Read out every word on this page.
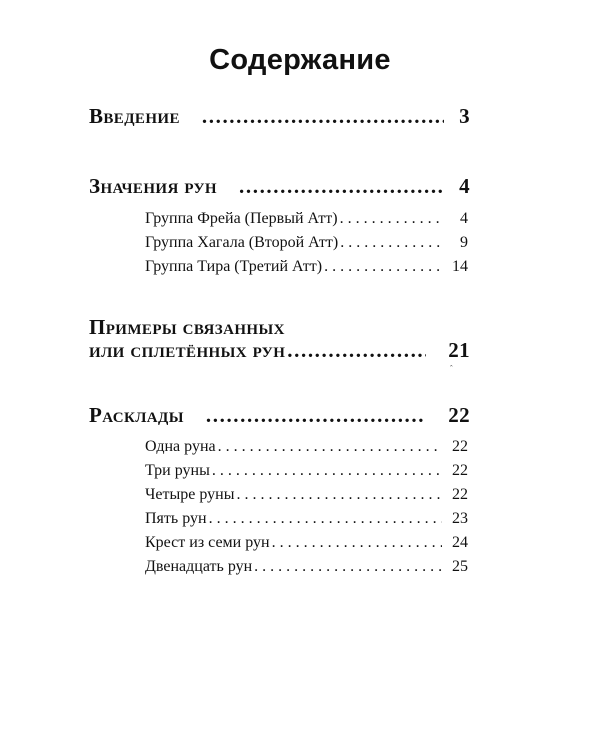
Содержание
Введение .....	3
Значения рун .....	4
Группа Фрейа (Первый Атт) . . .	4
Группа Хагала (Второй Атт) . . .	9
Группа Тира (Третий Атт) . . .	14
Примеры связанных
или сплетённых рун .....	21
ˆ
Расклады .....	22
Одна руна . . .	22
Три руны . . .	22
Четыре руны . . .	22
Пять рун . . .	23
Крест из семи рун . . .	24
Двенадцать рун . . .	25
